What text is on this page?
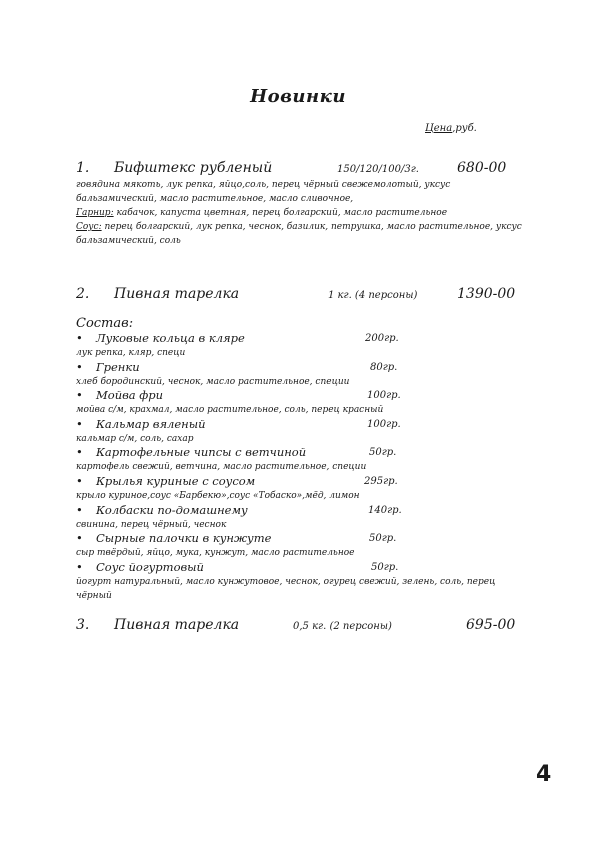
Новинки
Цена,руб.
1. Бифштекс рубленый	150/120/100/3г.	680-00
говядина мякоть, лук репка, яйцо,соль, перец чёрный свежемолотый, уксус бальзамический, масло растительное, масло сливочное,
Гарнир: кабачок, капуста цветная, перец болгарский, масло растительное
Соус: перец болгарский, лук репка, чеснок, базилик, петрушка, масло растительное, уксус бальзамический, соль
2. Пивная тарелка	1 кг. (4 персоны)	1390-00
Состав:
• Луковые кольца в кляре	200гр.
лук репка, кляр, специ
• Гренки	80гр.
хлеб бородинский, чеснок, масло растительное, специи
• Мойва фри	100гр.
мойва с/м, крахмал, масло растительное, соль, перец красный
• Кальмар вяленый	100гр.
кальмар с/м, соль, сахар
• Картофельные чипсы с ветчиной	50гр.
картофель свежий, ветчина, масло растительное, специи
• Крылья куриные с соусом	295гр.
крыло куриное,соус «Барбекю»,соус «Тобаско»,мёд, лимон
• Колбаски по-домашнему	140гр.
свинина, перец чёрный, чеснок
• Сырные палочки в кунжуте	50гр.
сыр твёрдый, яйцо, мука, кунжут, масло растительное
• Соус йогуртовый	50гр.
йогурт натуральный, масло кунжутовое, чеснок, огурец свежий, зелень, соль, перец чёрный
3. Пивная тарелка	0,5 кг. (2 персоны)	695-00
4
